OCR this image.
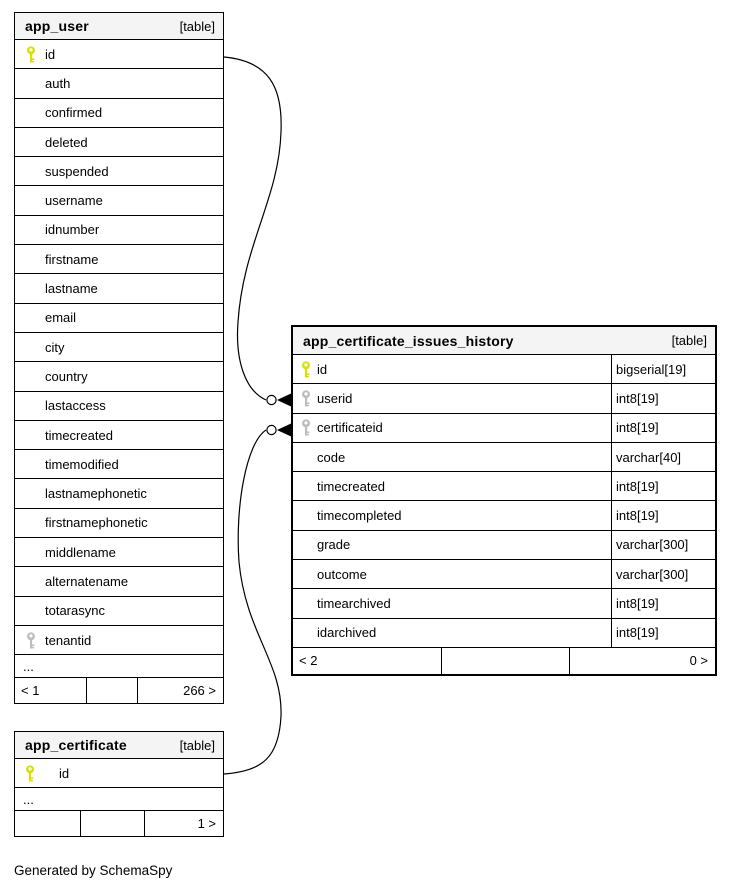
app_user	[table]
id
auth
confirmed
deleted
suspended
username
idnumber
firstname
lastname
email
city
country
lastaccess
timecreated
timemodified
lastnamephonetic
firstnamephonetic
middlename
alternatename
totarasync
tenantid
...
< 1	266 >
app_certificate_issues_history	[table]
id	bigserial[19]
userid	int8[19]
certificateid	int8[19]
code	varchar[40]
timecreated	int8[19]
timecompleted	int8[19]
grade	varchar[300]
outcome	varchar[300]
timearchived	int8[19]
idarchived	int8[19]
< 2	0 >
app_certificate	[table]
id
...
1 >
Generated by SchemaSpy
